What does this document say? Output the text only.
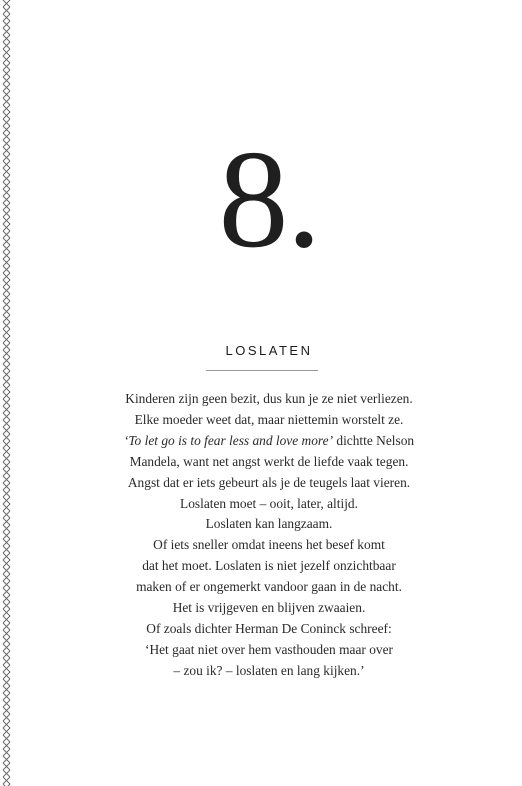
8.
LOSLATEN
Kinderen zijn geen bezit, dus kun je ze niet verliezen.
Elke moeder weet dat, maar niettemin worstelt ze.
‘To let go is to fear less and love more’ dichtte Nelson
Mandela, want net angst werkt de liefde vaak tegen.
Angst dat er iets gebeurt als je de teugels laat vieren.
Loslaten moet – ooit, later, altijd.
Loslaten kan langzaam.
Of iets sneller omdat ineens het besef komt
dat het moet. Loslaten is niet jezelf onzichtbaar
maken of er ongemerkt vandoor gaan in de nacht.
Het is vrijgeven en blijven zwaaien.
Of zoals dichter Herman De Coninck schreef:
‘Het gaat niet over hem vasthouden maar over
– zou ik? – loslaten en lang kijken.’
